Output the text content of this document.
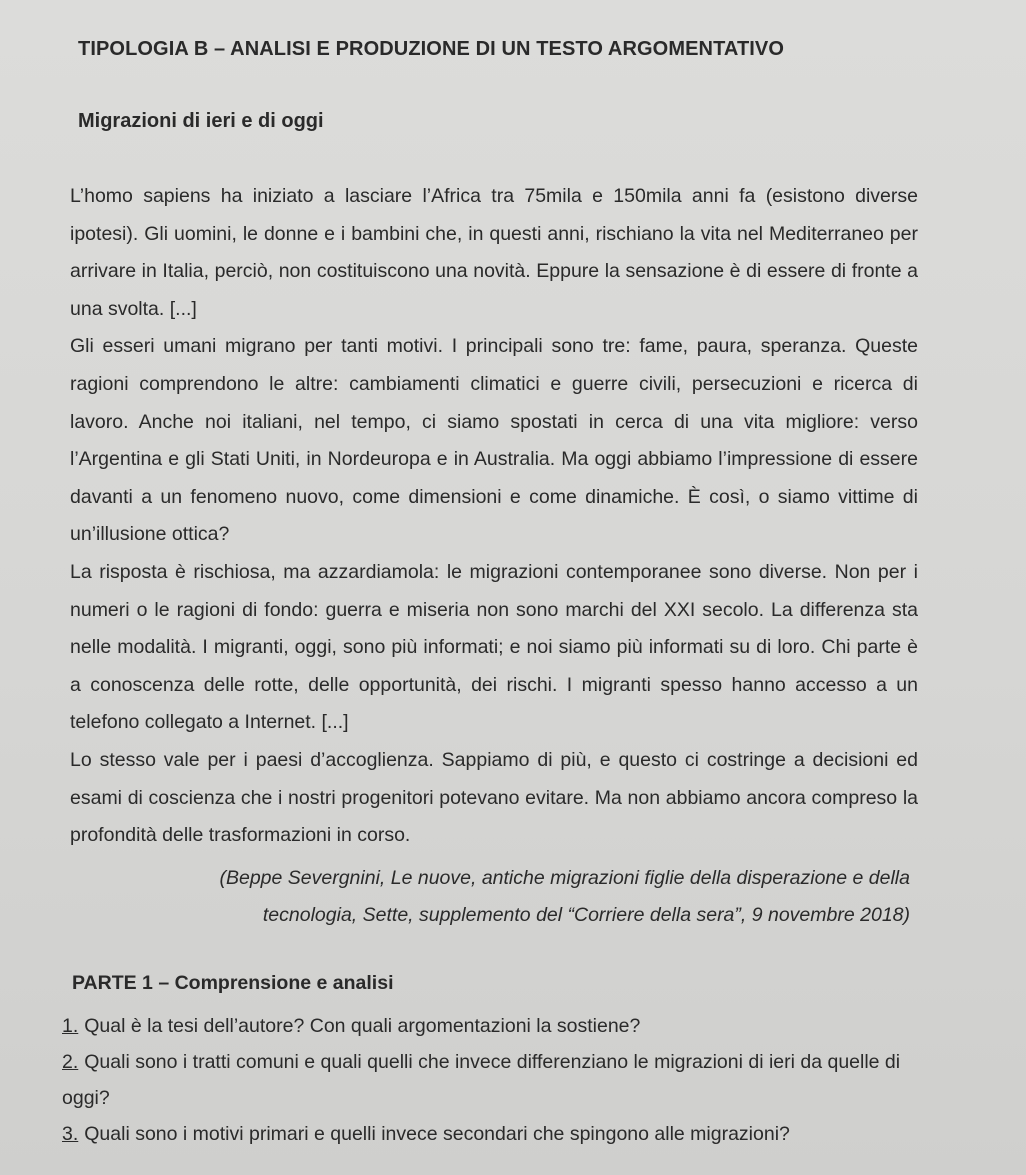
TIPOLOGIA B – ANALISI E PRODUZIONE DI UN TESTO ARGOMENTATIVO
Migrazioni di ieri e di oggi

L’homo sapiens ha iniziato a lasciare l’Africa tra 75mila e 150mila anni fa (esistono diverse ipotesi). Gli uomini, le donne e i bambini che, in questi anni, rischiano la vita nel Mediterraneo per arrivare in Italia, perciò, non costituiscono una novità. Eppure la sensazione è di essere di fronte a una svolta. [...]

Gli esseri umani migrano per tanti motivi. I principali sono tre: fame, paura, speranza. Queste ragioni comprendono le altre: cambiamenti climatici e guerre civili, persecuzioni e ricerca di lavoro. Anche noi italiani, nel tempo, ci siamo spostati in cerca di una vita migliore: verso l’Argentina e gli Stati Uniti, in Nordeuropa e in Australia. Ma oggi abbiamo l’impressione di essere davanti a un fenomeno nuovo, come dimensioni e come dinamiche. È così, o siamo vittime di un’illusione ottica?

La risposta è rischiosa, ma azzardiamola: le migrazioni contemporanee sono diverse. Non per i numeri o le ragioni di fondo: guerra e miseria non sono marchi del XXI secolo. La differenza sta nelle modalità. I migranti, oggi, sono più informati; e noi siamo più informati su di loro. Chi parte è a conoscenza delle rotte, delle opportunità, dei rischi. I migranti spesso hanno accesso a un telefono collegato a Internet. [...]

Lo stesso vale per i paesi d’accoglienza. Sappiamo di più, e questo ci costringe a decisioni ed esami di coscienza che i nostri progenitori potevano evitare. Ma non abbiamo ancora compreso la profondità delle trasformazioni in corso.

(Beppe Severgnini, Le nuove, antiche migrazioni figlie della disperazione e della
tecnologia, Sette, supplemento del “Corriere della sera”, 9 novembre 2018)
PARTE 1 – Comprensione e analisi

1. Qual è la tesi dell’autore? Con quali argomentazioni la sostiene?

2. Quali sono i tratti comuni e quali quelli che invece differenziano le migrazioni di ieri da quelle di oggi?

3. Quali sono i motivi primari e quelli invece secondari che spingono alle migrazioni?
